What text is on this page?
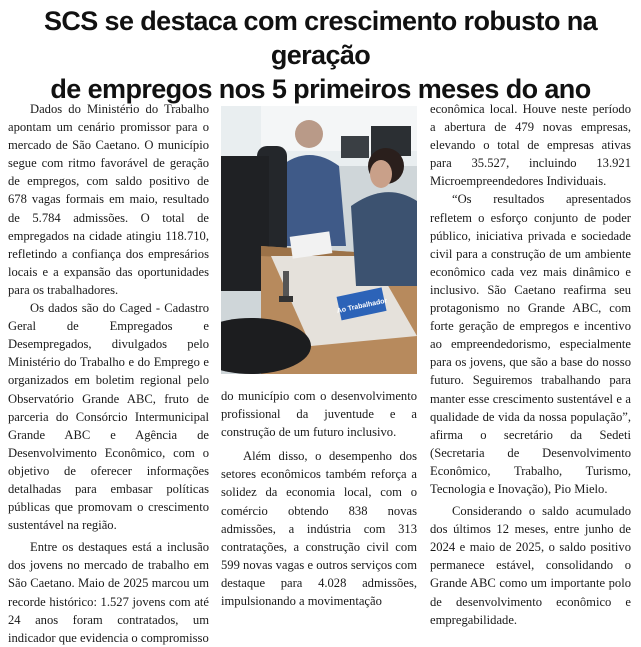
SCS se destaca com crescimento robusto na geração
de empregos nos 5 primeiros meses do ano

Dados do Ministério do Trabalho apontam um cenário promissor para o mercado de São Caetano. O município segue com ritmo favorável de geração de empregos, com saldo positivo de 678 vagas formais em maio, resultado de 5.784 admissões. O total de empregados na cidade atingiu 118.710, refletindo a confiança dos empresários locais e a expansão das oportunidades para os trabalhadores.

Os dados são do Caged - Cadastro Geral de Empregados e Desempregados, divulgados pelo Ministério do Trabalho e do Emprego e organizados em boletim regional pelo Observatório Grande ABC, fruto de parceria do Consórcio Intermunicipal Grande ABC e Agência de Desenvolvimento Econômico, com o objetivo de oferecer informações detalhadas para embasar políticas públicas que promovam o crescimento sustentável na região.

Entre os destaques está a inclusão dos jovens no mercado de trabalho em São Caetano. Maio de 2025 marcou um recorde histórico: 1.527 jovens com até 24 anos foram contratados, um indicador que evidencia o compromisso

Ao Trabalhador

do município com o desenvolvimento profissional da juventude e a construção de um futuro inclusivo.

Além disso, o desempenho dos setores econômicos também reforça a solidez da economia local, com o comércio obtendo 838 novas admissões, a indústria com 313 contratações, a construção civil com 599 novas vagas e outros serviços com destaque para 4.028 admissões, impulsionando a movimentação

econômica local. Houve neste período a abertura de 479 novas empresas, elevando o total de empresas ativas para 35.527, incluindo 13.921 Microempreendedores Individuais.

“Os resultados apresentados refletem o esforço conjunto de poder público, iniciativa privada e sociedade civil para a construção de um ambiente econômico cada vez mais dinâmico e inclusivo. São Caetano reafirma seu protagonismo no Grande ABC, com forte geração de empregos e incentivo ao empreendedorismo, especialmente para os jovens, que são a base do nosso futuro. Seguiremos trabalhando para manter esse crescimento sustentável e a qualidade de vida da nossa população”, afirma o secretário da Sedeti (Secretaria de Desenvolvimento Econômico, Trabalho, Turismo, Tecnologia e Inovação), Pio Mielo.

Considerando o saldo acumulado dos últimos 12 meses, entre junho de 2024 e maio de 2025, o saldo positivo permanece estável, consolidando o Grande ABC como um importante polo de desenvolvimento econômico e empregabilidade.
